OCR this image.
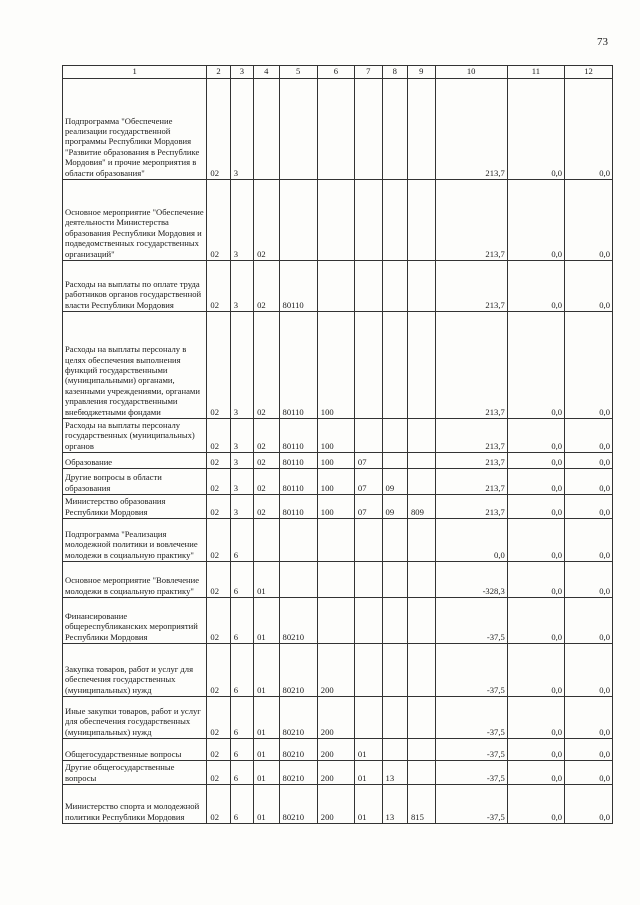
73
1	2	3	4	5	6	7	8	9	10	11	12
Подпрограмма "Обеспечение реализации государственной программы Республики Мордовия "Развитие образования в Республике Мордовия" и прочие мероприятия в области образования"	02	3							213,7	0,0	0,0
Основное мероприятие "Обеспечение деятельности Министерства образования Республики Мордовия и подведомственных государственных организаций"	02	3	02						213,7	0,0	0,0
Расходы на выплаты по оплате труда работников органов государственной власти Республики Мордовия	02	3	02	80110					213,7	0,0	0,0
Расходы на выплаты персоналу в целях обеспечения выполнения функций государственными (муниципальными) органами, казенными учреждениями, органами управления государственными внебюджетными фондами	02	3	02	80110	100				213,7	0,0	0,0
Расходы на выплаты персоналу государственных (муниципальных) органов	02	3	02	80110	100				213,7	0,0	0,0
Образование	02	3	02	80110	100	07			213,7	0,0	0,0
Другие вопросы в области образования	02	3	02	80110	100	07	09		213,7	0,0	0,0
Министерство образования Республики Мордовия	02	3	02	80110	100	07	09	809	213,7	0,0	0,0
Подпрограмма "Реализация молодежной политики и вовлечение молодежи в социальную практику"	02	6							0,0	0,0	0,0
Основное мероприятие "Вовлечение молодежи в социальную практику"	02	6	01						-328,3	0,0	0,0
Финансирование общереспубликанских мероприятий Республики Мордовия	02	6	01	80210					-37,5	0,0	0,0
Закупка товаров, работ и услуг для обеспечения государственных (муниципальных) нужд	02	6	01	80210	200				-37,5	0,0	0,0
Иные закупки товаров, работ и услуг для обеспечения государственных (муниципальных) нужд	02	6	01	80210	200				-37,5	0,0	0,0
Общегосударственные вопросы	02	6	01	80210	200	01			-37,5	0,0	0,0
Другие общегосударственные вопросы	02	6	01	80210	200	01	13		-37,5	0,0	0,0
Министерство спорта и молодежной политики Республики Мордовия	02	6	01	80210	200	01	13	815	-37,5	0,0	0,0
